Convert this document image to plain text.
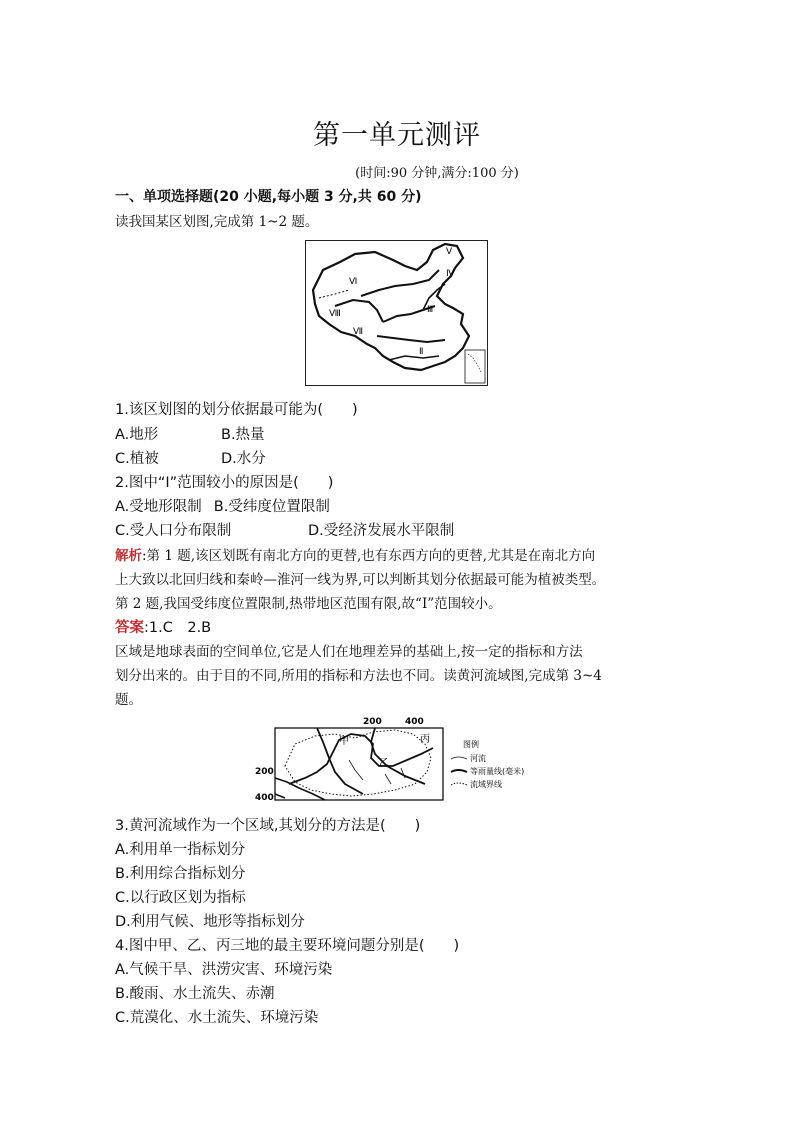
第一单元测评
(时间:90 分钟,满分:100 分)
一、单项选择题(20 小题,每小题 3 分,共 60 分)
读我国某区划图,完成第 1~2 题。
Ⅴ
Ⅵ
Ⅳ
Ⅷ	Ⅲ
Ⅶ
Ⅱ
1.该区划图的划分依据最可能为(　　)
A.地形	B.热量
C.植被	D.水分
2.图中“Ⅰ”范围较小的原因是(　　)
A.受地形限制 B.受纬度位置限制
C.受人口分布限制	D.受经济发展水平限制
解析:第 1 题,该区划既有南北方向的更替,也有东西方向的更替,尤其是在南北方向
上大致以北回归线和秦岭—淮河一线为界,可以判断其划分依据最可能为植被类型。
第 2 题,我国受纬度位置限制,热带地区范围有限,故“Ⅰ”范围较小。
答案:1.C　2.B
区域是地球表面的空间单位,它是人们在地理差异的基础上,按一定的指标和方法
划分出来的。由于目的不同,所用的指标和方法也不同。读黄河流域图,完成第 3~4
题。
200	400
200
400
甲
乙
丙	图例
河流
等雨量线(毫米)
流域界线
3.黄河流域作为一个区域,其划分的方法是(　　)
A.利用单一指标划分
B.利用综合指标划分
C.以行政区划为指标
D.利用气候、地形等指标划分
4.图中甲、乙、丙三地的最主要环境问题分别是(　　)
A.气候干旱、洪涝灾害、环境污染
B.酸雨、水土流失、赤潮
C.荒漠化、水土流失、环境污染
